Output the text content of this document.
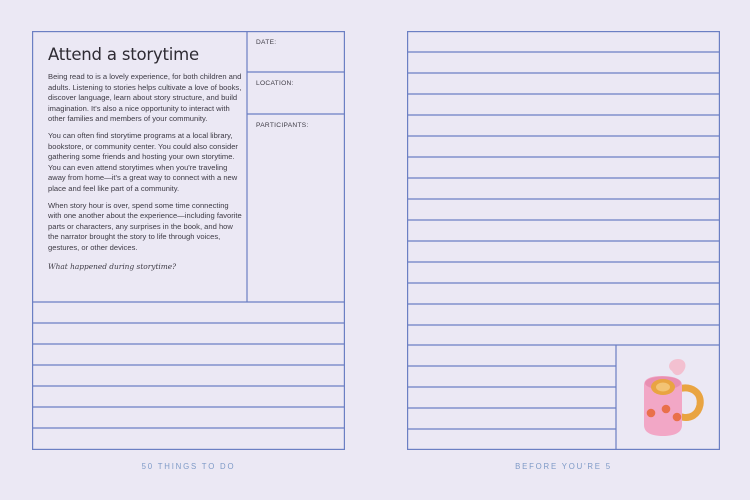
Attend a storytime

Being read to is a lovely experience, for both children and adults. Listening to stories helps cultivate a love of books, discover language, learn about story structure, and build imagination. It's also a nice opportunity to interact with other families and members of your community.

You can often find storytime programs at a local library, bookstore, or community center. You could also consider gathering some friends and hosting your own storytime. You can even attend storytimes when you're traveling away from home—it's a great way to connect with a new place and feel like part of a community.

When story hour is over, spend some time connecting with one another about the experience—including favorite parts or characters, any surprises in the book, and how the narrator brought the story to life through voices, gestures, or other devices.

What happened during storytime?

DATE:
LOCATION:
PARTICIPANTS:
50 THINGS TO DO	BEFORE YOU'RE 5
